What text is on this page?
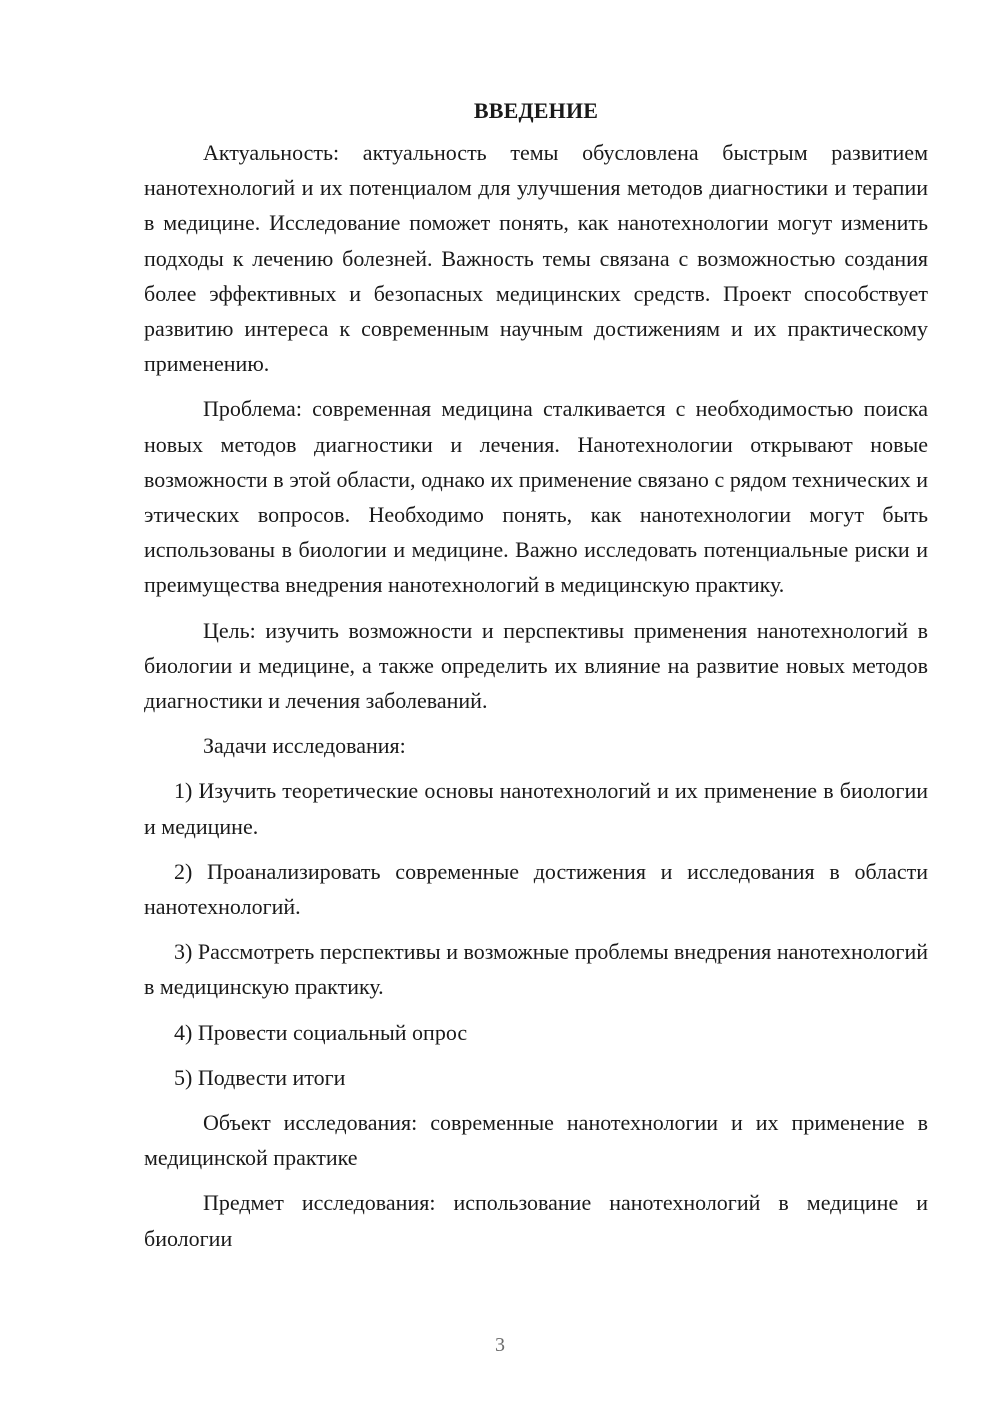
ВВЕДЕНИЕ
Актуальность: актуальность темы обусловлена быстрым развитием нанотехнологий и их потенциалом для улучшения методов диагностики и терапии в медицине. Исследование поможет понять, как нанотехнологии могут изменить подходы к лечению болезней. Важность темы связана с возможностью создания более эффективных и безопасных медицинских средств. Проект способствует развитию интереса к современным научным достижениям и их практическому применению.
Проблема: современная медицина сталкивается с необходимостью поиска новых методов диагностики и лечения. Нанотехнологии открывают новые возможности в этой области, однако их применение связано с рядом технических и этических вопросов. Необходимо понять, как нанотехнологии могут быть использованы в биологии и медицине. Важно исследовать потенциальные риски и преимущества внедрения нанотехнологий в медицинскую практику.
Цель: изучить возможности и перспективы применения нанотехнологий в биологии и медицине, а также определить их влияние на развитие новых методов диагностики и лечения заболеваний.
Задачи исследования:
1) Изучить теоретические основы нанотехнологий и их применение в биологии и медицине.
2) Проанализировать современные достижения и исследования в области нанотехнологий.
3) Рассмотреть перспективы и возможные проблемы внедрения нанотехнологий в медицинскую практику.
4) Провести социальный опрос
5) Подвести итоги
Объект исследования: современные нанотехнологии и их применение в медицинской практике
Предмет исследования: использование нанотехнологий в медицине и биологии
3
